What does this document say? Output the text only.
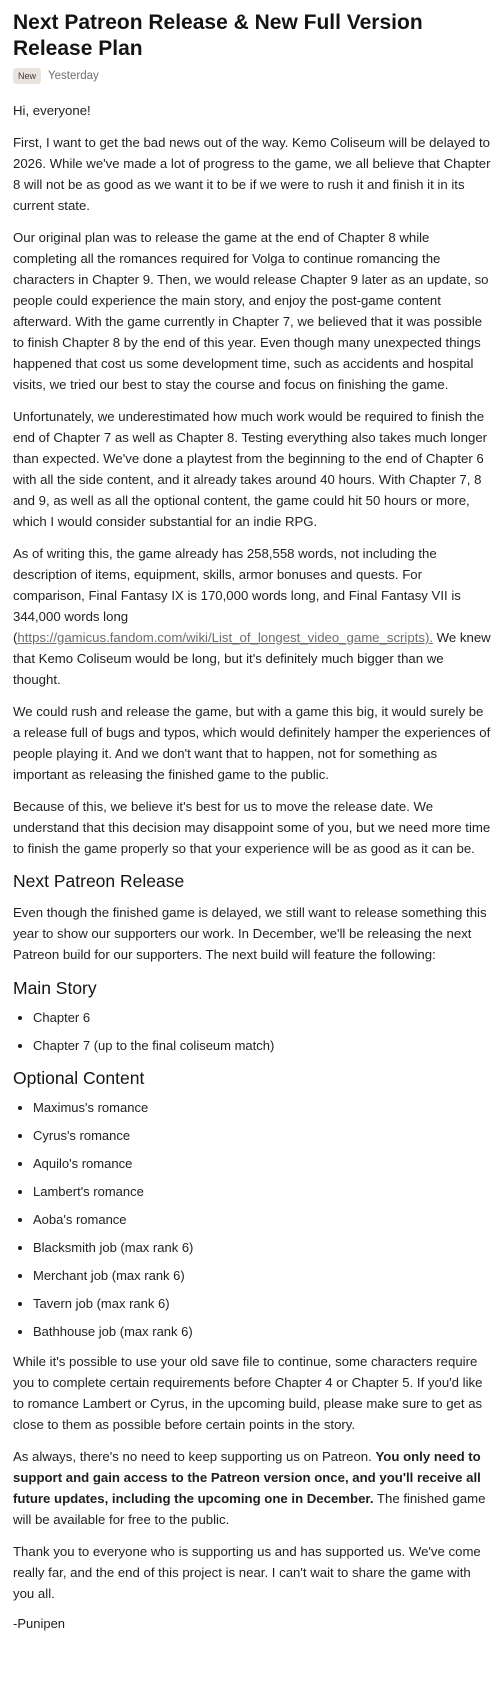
Next Patreon Release & New Full Version Release Plan
New	Yesterday

Hi, everyone!

First, I want to get the bad news out of the way. Kemo Coliseum will be delayed to 2026. While we've made a lot of progress to the game, we all believe that Chapter 8 will not be as good as we want it to be if we were to rush it and finish it in its current state.

Our original plan was to release the game at the end of Chapter 8 while completing all the romances required for Volga to continue romancing the characters in Chapter 9. Then, we would release Chapter 9 later as an update, so people could experience the main story, and enjoy the post-game content afterward. With the game currently in Chapter 7, we believed that it was possible to finish Chapter 8 by the end of this year. Even though many unexpected things happened that cost us some development time, such as accidents and hospital visits, we tried our best to stay the course and focus on finishing the game.

Unfortunately, we underestimated how much work would be required to finish the end of Chapter 7 as well as Chapter 8. Testing everything also takes much longer than expected. We've done a playtest from the beginning to the end of Chapter 6 with all the side content, and it already takes around 40 hours. With Chapter 7, 8 and 9, as well as all the optional content, the game could hit 50 hours or more, which I would consider substantial for an indie RPG.

As of writing this, the game already has 258,558 words, not including the description of items, equipment, skills, armor bonuses and quests. For comparison, Final Fantasy IX is 170,000 words long, and Final Fantasy VII is 344,000 words long (https://gamicus.fandom.com/wiki/List_of_longest_video_game_scripts). We knew that Kemo Coliseum would be long, but it's definitely much bigger than we thought.

We could rush and release the game, but with a game this big, it would surely be a release full of bugs and typos, which would definitely hamper the experiences of people playing it. And we don't want that to happen, not for something as important as releasing the finished game to the public.

Because of this, we believe it's best for us to move the release date. We understand that this decision may disappoint some of you, but we need more time to finish the game properly so that your experience will be as good as it can be.

Next Patreon Release

Even though the finished game is delayed, we still want to release something this year to show our supporters our work. In December, we'll be releasing the next Patreon build for our supporters. The next build will feature the following:

Main Story
• Chapter 6
• Chapter 7 (up to the final coliseum match)
Optional Content
• Maximus's romance
• Cyrus's romance
• Aquilo's romance
• Lambert's romance
• Aoba's romance
• Blacksmith job (max rank 6)
• Merchant job (max rank 6)
• Tavern job (max rank 6)
• Bathhouse job (max rank 6)

While it's possible to use your old save file to continue, some characters require you to complete certain requirements before Chapter 4 or Chapter 5. If you'd like to romance Lambert or Cyrus, in the upcoming build, please make sure to get as close to them as possible before certain points in the story.

As always, there's no need to keep supporting us on Patreon. You only need to support and gain access to the Patreon version once, and you'll receive all future updates, including the upcoming one in December. The finished game will be available for free to the public.

Thank you to everyone who is supporting us and has supported us. We've come really far, and the end of this project is near. I can't wait to share the game with you all.

-Punipen
